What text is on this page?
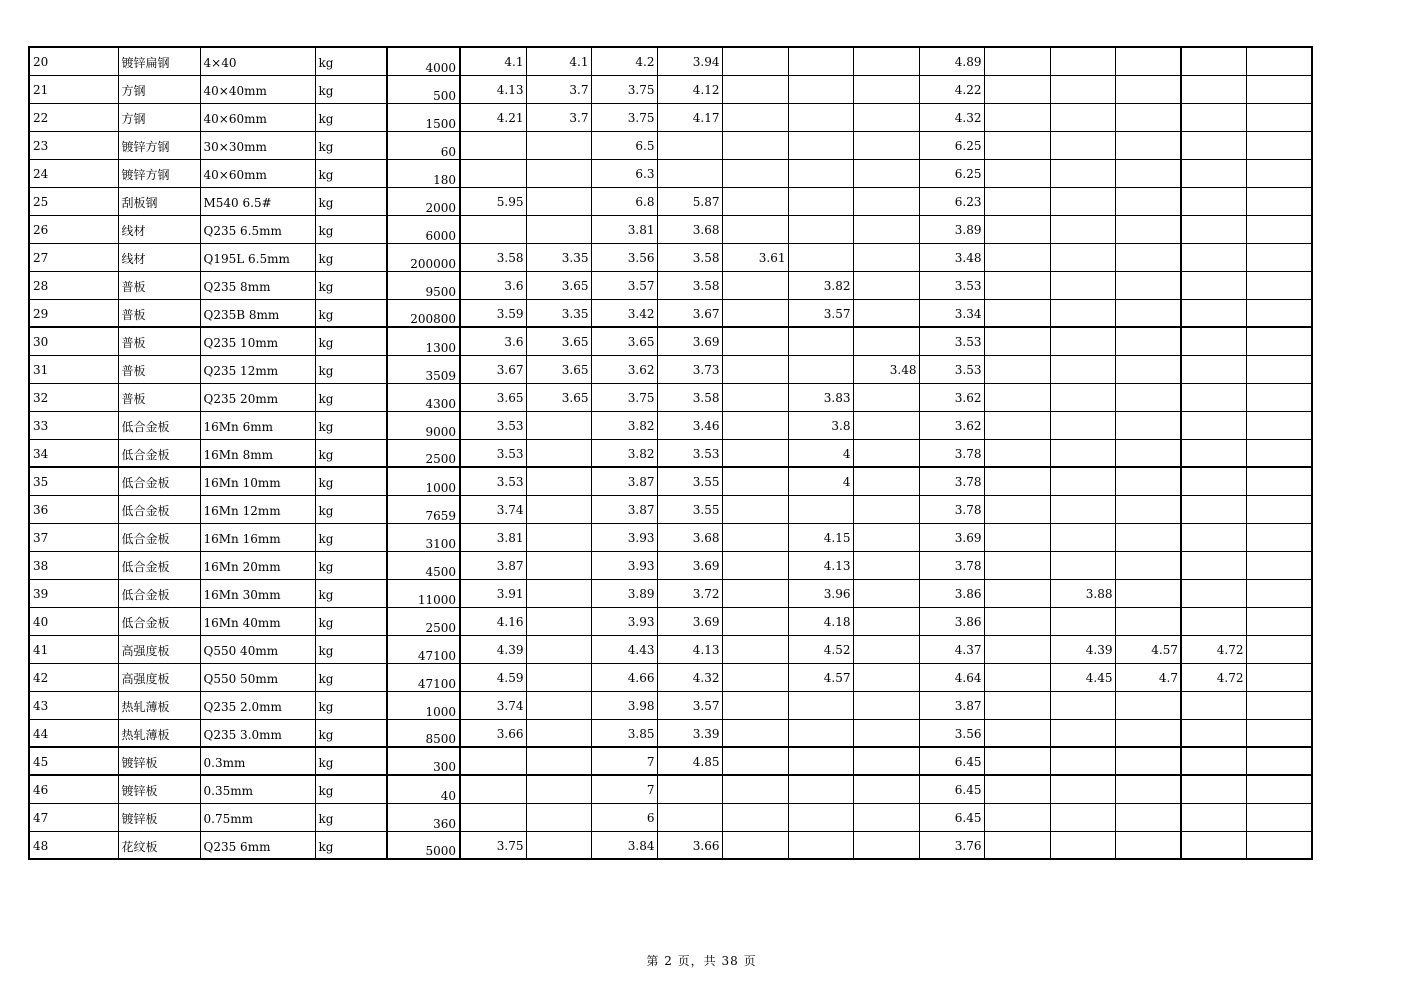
20	镀锌扁钢	4×40	kg	4000	4.1	4.1	4.2	3.94				4.89					
21	方钢	40×40mm	kg	500	4.13	3.7	3.75	4.12				4.22					
22	方钢	40×60mm	kg	1500	4.21	3.7	3.75	4.17				4.32					
23	镀锌方钢	30×30mm	kg	60			6.5					6.25					
24	镀锌方钢	40×60mm	kg	180			6.3					6.25					
25	刮板钢	M540 6.5#	kg	2000	5.95		6.8	5.87				6.23					
26	线材	Q235 6.5mm	kg	6000			3.81	3.68				3.89					
27	线材	Q195L 6.5mm	kg	200000	3.58	3.35	3.56	3.58	3.61			3.48					
28	普板	Q235 8mm	kg	9500	3.6	3.65	3.57	3.58		3.82		3.53					
29	普板	Q235B 8mm	kg	200800	3.59	3.35	3.42	3.67		3.57		3.34					
30	普板	Q235 10mm	kg	1300	3.6	3.65	3.65	3.69				3.53					
31	普板	Q235 12mm	kg	3509	3.67	3.65	3.62	3.73			3.48	3.53					
32	普板	Q235 20mm	kg	4300	3.65	3.65	3.75	3.58		3.83		3.62					
33	低合金板	16Mn 6mm	kg	9000	3.53		3.82	3.46		3.8		3.62					
34	低合金板	16Mn 8mm	kg	2500	3.53		3.82	3.53		4		3.78					
35	低合金板	16Mn 10mm	kg	1000	3.53		3.87	3.55		4		3.78					
36	低合金板	16Mn 12mm	kg	7659	3.74		3.87	3.55				3.78					
37	低合金板	16Mn 16mm	kg	3100	3.81		3.93	3.68		4.15		3.69					
38	低合金板	16Mn 20mm	kg	4500	3.87		3.93	3.69		4.13		3.78					
39	低合金板	16Mn 30mm	kg	11000	3.91		3.89	3.72		3.96		3.86		3.88			
40	低合金板	16Mn 40mm	kg	2500	4.16		3.93	3.69		4.18		3.86					
41	高强度板	Q550 40mm	kg	47100	4.39		4.43	4.13		4.52		4.37		4.39	4.57	4.72	
42	高强度板	Q550 50mm	kg	47100	4.59		4.66	4.32		4.57		4.64		4.45	4.7	4.72	
43	热轧薄板	Q235 2.0mm	kg	1000	3.74		3.98	3.57				3.87					
44	热轧薄板	Q235 3.0mm	kg	8500	3.66		3.85	3.39				3.56					
45	镀锌板	0.3mm	kg	300			7	4.85				6.45					
46	镀锌板	0.35mm	kg	40			7					6.45					
47	镀锌板	0.75mm	kg	360			6					6.45					
48	花纹板	Q235 6mm	kg	5000	3.75		3.84	3.66				3.76					
第 2 页，共 38 页
